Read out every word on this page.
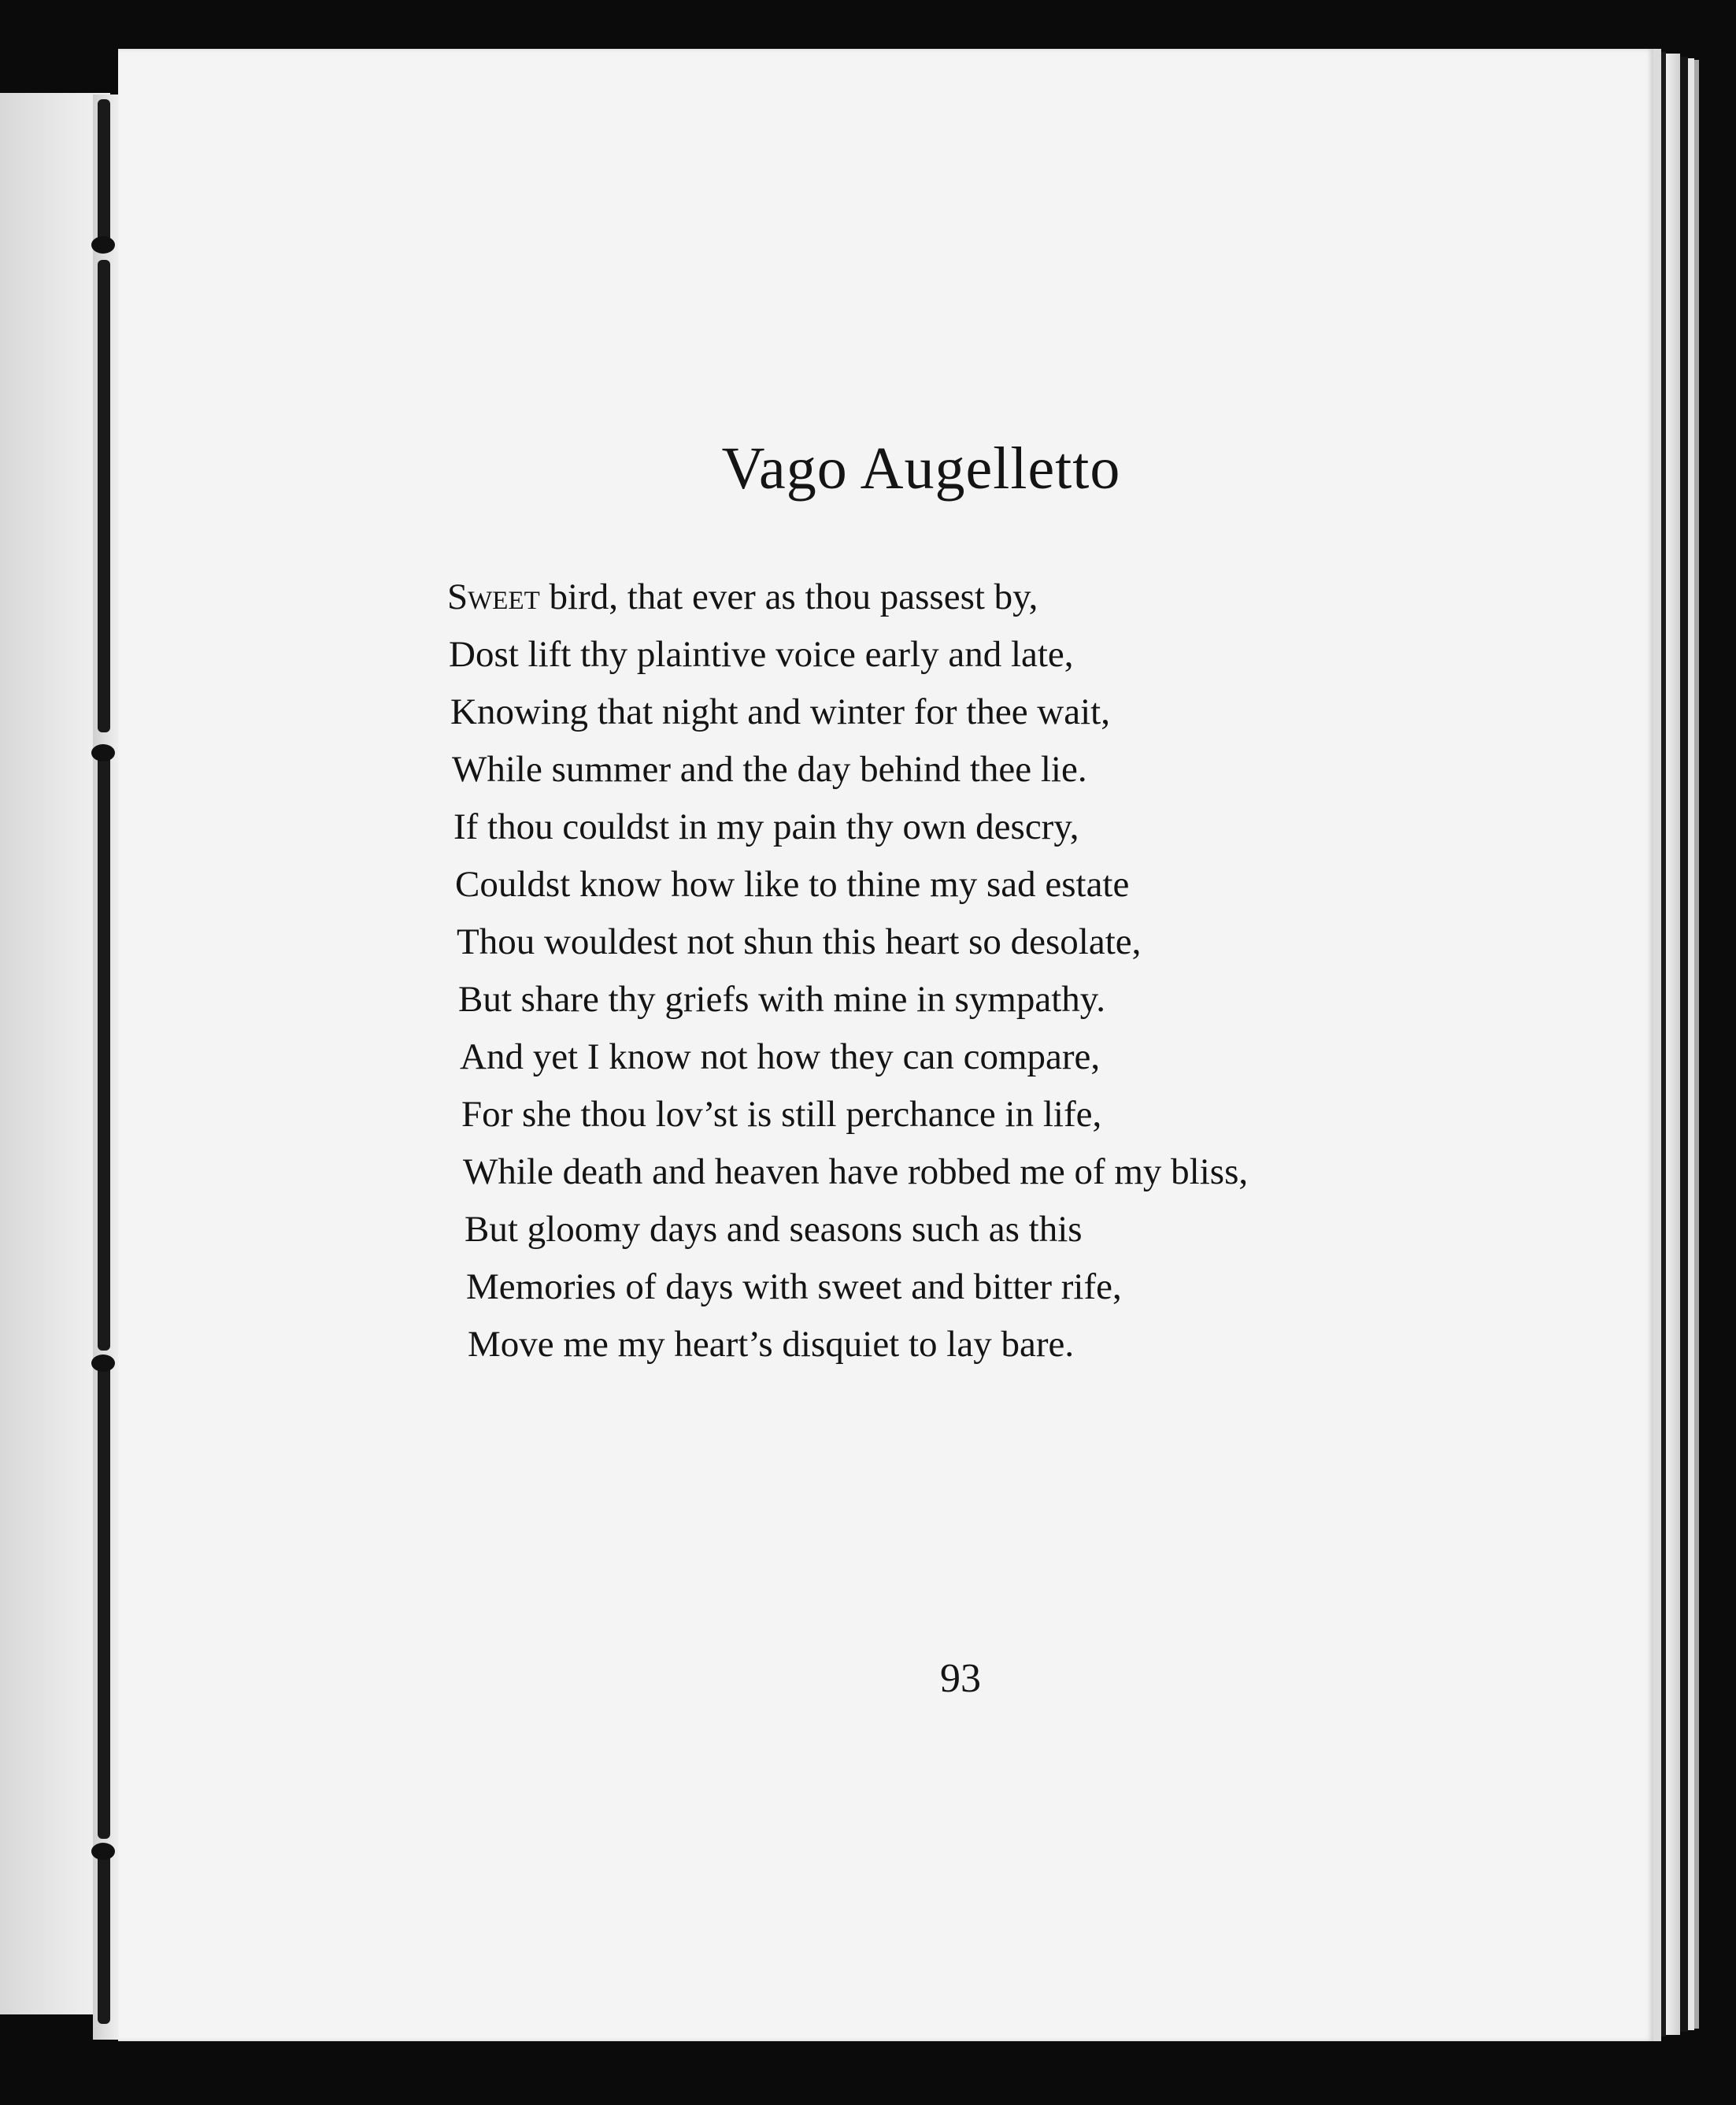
Vago Augelletto
Sweet bird, that ever as thou passest by,
Dost lift thy plaintive voice early and late,
Knowing that night and winter for thee wait,
While summer and the day behind thee lie.
If thou couldst in my pain thy own descry,
Couldst know how like to thine my sad estate
Thou wouldest not shun this heart so desolate,
But share thy griefs with mine in sympathy.
And yet I know not how they can compare,
For she thou lov’st is still perchance in life,
While death and heaven have robbed me of my bliss,
But gloomy days and seasons such as this
Memories of days with sweet and bitter rife,
Move me my heart’s disquiet to lay bare.
93
